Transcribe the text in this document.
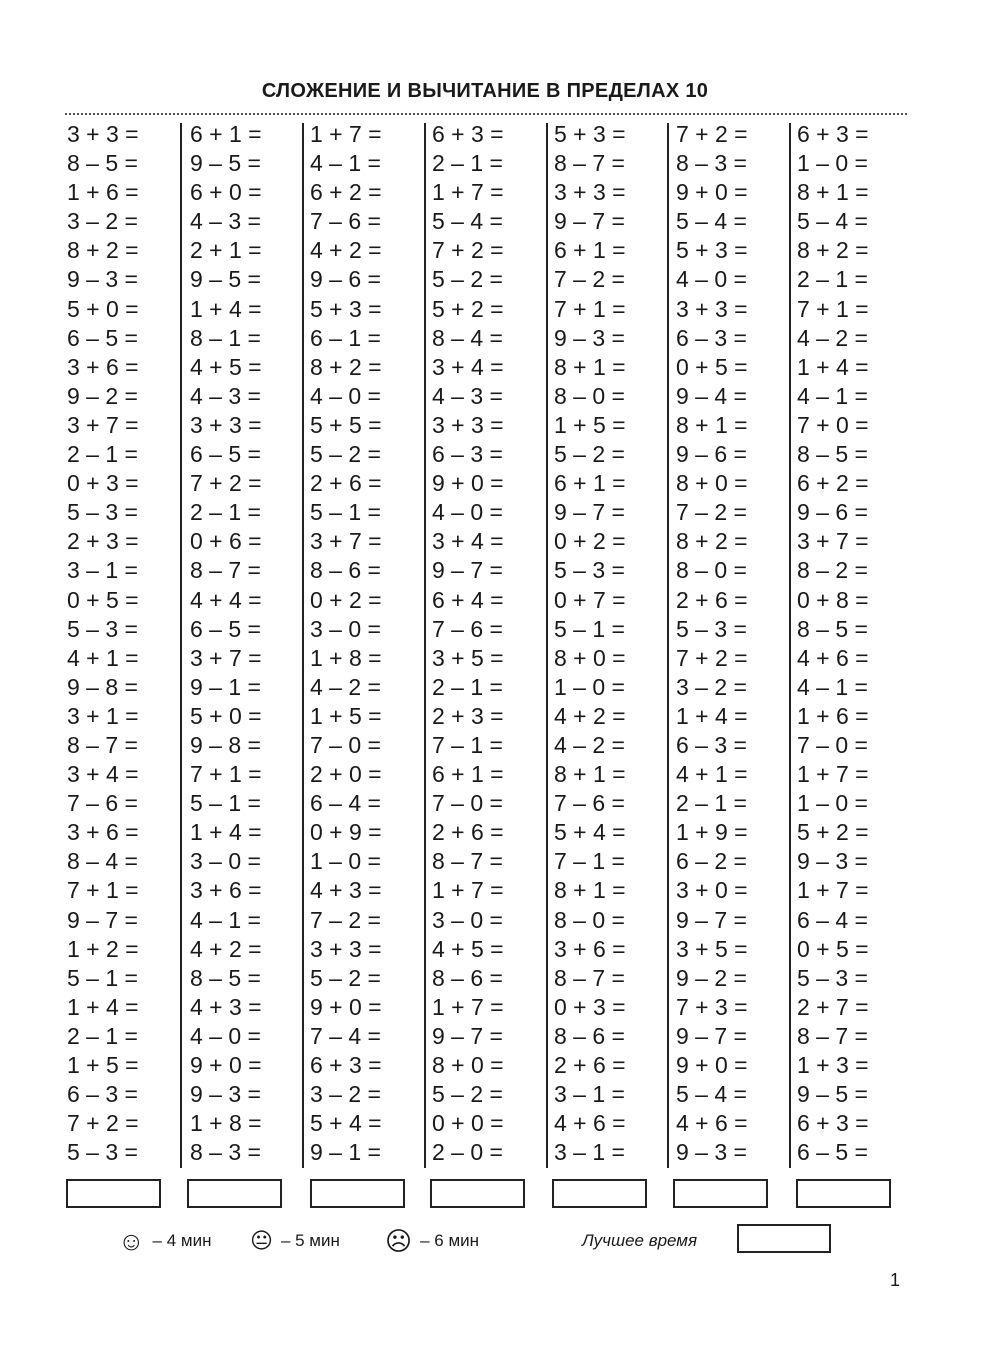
СЛОЖЕНИЕ И ВЫЧИТАНИЕ В ПРЕДЕЛАХ 10
☺ – 4 мин 😐 – 5 мин ☹ – 6 мин	Лучшее время
1
3 + 3 =
8 – 5 =
1 + 6 =
3 – 2 =
8 + 2 =
9 – 3 =
5 + 0 =
6 – 5 =
3 + 6 =
9 – 2 =
3 + 7 =
2 – 1 =
0 + 3 =
5 – 3 =
2 + 3 =
3 – 1 =
0 + 5 =
5 – 3 =
4 + 1 =
9 – 8 =
3 + 1 =
8 – 7 =
3 + 4 =
7 – 6 =
3 + 6 =
8 – 4 =
7 + 1 =
9 – 7 =
1 + 2 =
5 – 1 =
1 + 4 =
2 – 1 =
1 + 5 =
6 – 3 =
7 + 2 =
5 – 3 =
6 + 1 =
9 – 5 =
6 + 0 =
4 – 3 =
2 + 1 =
9 – 5 =
1 + 4 =
8 – 1 =
4 + 5 =
4 – 3 =
3 + 3 =
6 – 5 =
7 + 2 =
2 – 1 =
0 + 6 =
8 – 7 =
4 + 4 =
6 – 5 =
3 + 7 =
9 – 1 =
5 + 0 =
9 – 8 =
7 + 1 =
5 – 1 =
1 + 4 =
3 – 0 =
3 + 6 =
4 – 1 =
4 + 2 =
8 – 5 =
4 + 3 =
4 – 0 =
9 + 0 =
9 – 3 =
1 + 8 =
8 – 3 =
1 + 7 =
4 – 1 =
6 + 2 =
7 – 6 =
4 + 2 =
9 – 6 =
5 + 3 =
6 – 1 =
8 + 2 =
4 – 0 =
5 + 5 =
5 – 2 =
2 + 6 =
5 – 1 =
3 + 7 =
8 – 6 =
0 + 2 =
3 – 0 =
1 + 8 =
4 – 2 =
1 + 5 =
7 – 0 =
2 + 0 =
6 – 4 =
0 + 9 =
1 – 0 =
4 + 3 =
7 – 2 =
3 + 3 =
5 – 2 =
9 + 0 =
7 – 4 =
6 + 3 =
3 – 2 =
5 + 4 =
9 – 1 =
6 + 3 =
2 – 1 =
1 + 7 =
5 – 4 =
7 + 2 =
5 – 2 =
5 + 2 =
8 – 4 =
3 + 4 =
4 – 3 =
3 + 3 =
6 – 3 =
9 + 0 =
4 – 0 =
3 + 4 =
9 – 7 =
6 + 4 =
7 – 6 =
3 + 5 =
2 – 1 =
2 + 3 =
7 – 1 =
6 + 1 =
7 – 0 =
2 + 6 =
8 – 7 =
1 + 7 =
3 – 0 =
4 + 5 =
8 – 6 =
1 + 7 =
9 – 7 =
8 + 0 =
5 – 2 =
0 + 0 =
2 – 0 =
5 + 3 =
8 – 7 =
3 + 3 =
9 – 7 =
6 + 1 =
7 – 2 =
7 + 1 =
9 – 3 =
8 + 1 =
8 – 0 =
1 + 5 =
5 – 2 =
6 + 1 =
9 – 7 =
0 + 2 =
5 – 3 =
0 + 7 =
5 – 1 =
8 + 0 =
1 – 0 =
4 + 2 =
4 – 2 =
8 + 1 =
7 – 6 =
5 + 4 =
7 – 1 =
8 + 1 =
8 – 0 =
3 + 6 =
8 – 7 =
0 + 3 =
8 – 6 =
2 + 6 =
3 – 1 =
4 + 6 =
3 – 1 =
7 + 2 =
8 – 3 =
9 + 0 =
5 – 4 =
5 + 3 =
4 – 0 =
3 + 3 =
6 – 3 =
0 + 5 =
9 – 4 =
8 + 1 =
9 – 6 =
8 + 0 =
7 – 2 =
8 + 2 =
8 – 0 =
2 + 6 =
5 – 3 =
7 + 2 =
3 – 2 =
1 + 4 =
6 – 3 =
4 + 1 =
2 – 1 =
1 + 9 =
6 – 2 =
3 + 0 =
9 – 7 =
3 + 5 =
9 – 2 =
7 + 3 =
9 – 7 =
9 + 0 =
5 – 4 =
4 + 6 =
9 – 3 =
6 + 3 =
1 – 0 =
8 + 1 =
5 – 4 =
8 + 2 =
2 – 1 =
7 + 1 =
4 – 2 =
1 + 4 =
4 – 1 =
7 + 0 =
8 – 5 =
6 + 2 =
9 – 6 =
3 + 7 =
8 – 2 =
0 + 8 =
8 – 5 =
4 + 6 =
4 – 1 =
1 + 6 =
7 – 0 =
1 + 7 =
1 – 0 =
5 + 2 =
9 – 3 =
1 + 7 =
6 – 4 =
0 + 5 =
5 – 3 =
2 + 7 =
8 – 7 =
1 + 3 =
9 – 5 =
6 + 3 =
6 – 5 =
